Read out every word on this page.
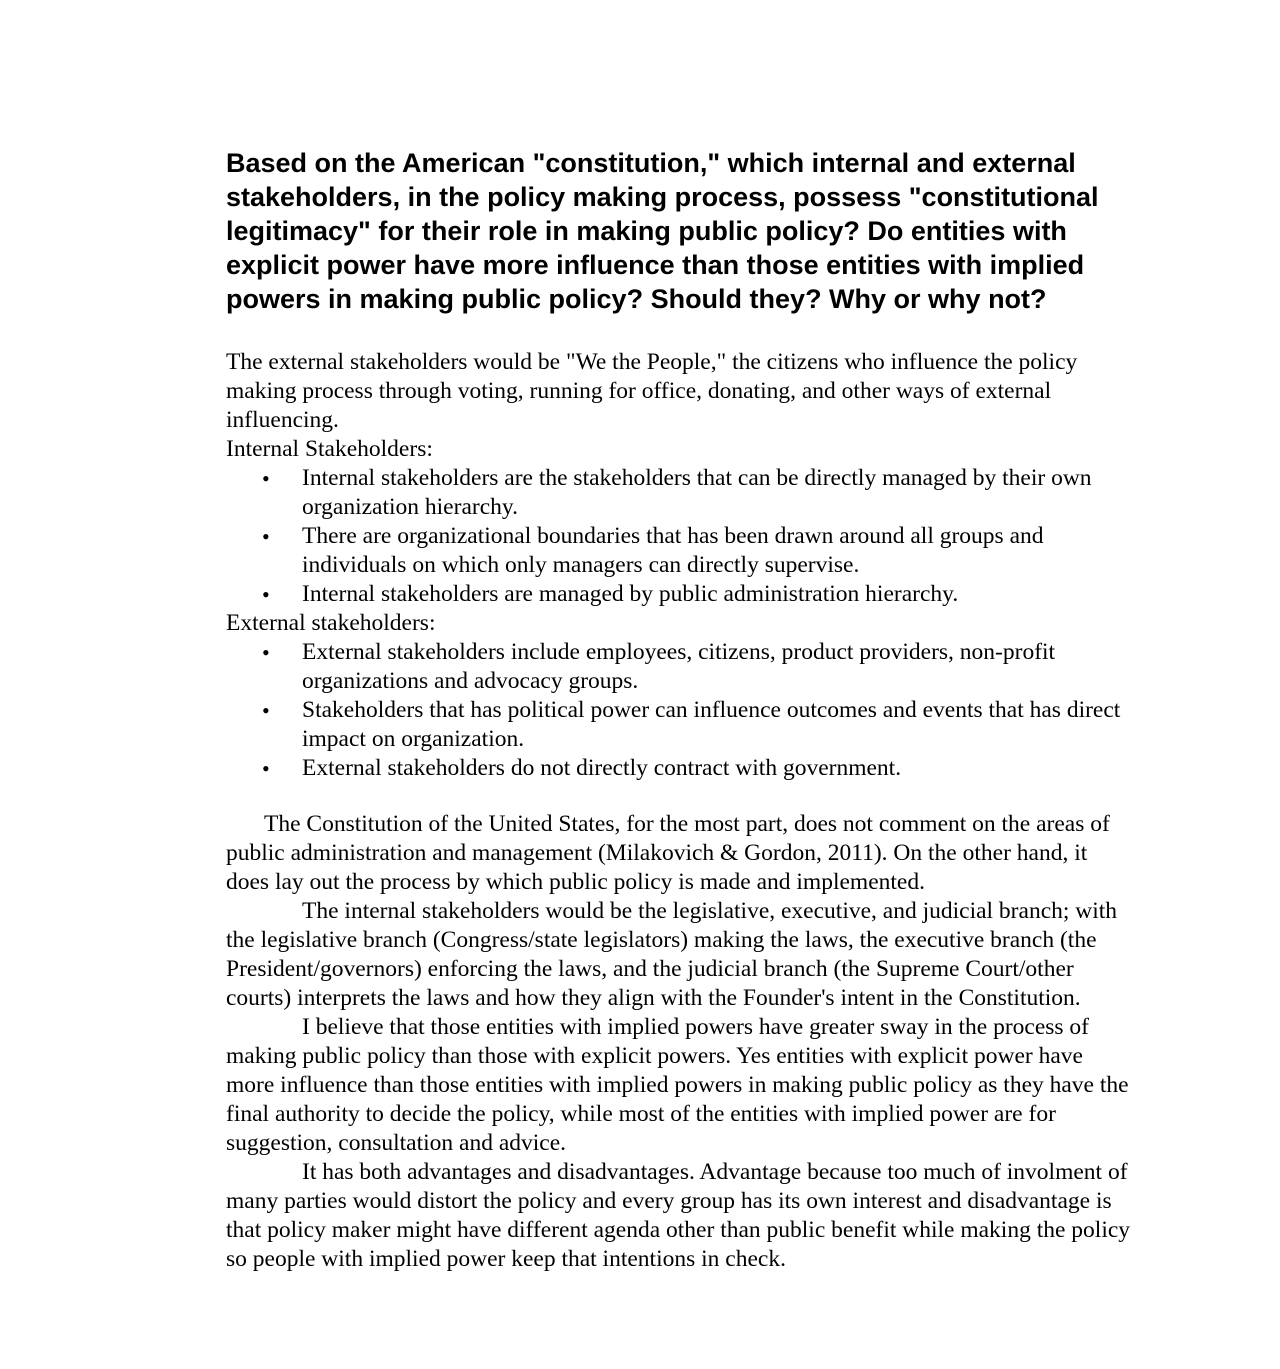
Based on the American "constitution," which internal and external stakeholders, in the policy making process, possess "constitutional legitimacy" for their role in making public policy? Do entities with explicit power have more influence than those entities with implied powers in making public policy? Should they? Why or why not?

The external stakeholders would be "We the People," the citizens who influence the policy making process through voting, running for office, donating, and other ways of external influencing.

Internal Stakeholders:

• Internal stakeholders are the stakeholders that can be directly managed by their own organization hierarchy.
• There are organizational boundaries that has been drawn around all groups and individuals on which only managers can directly supervise.
• Internal stakeholders are managed by public administration hierarchy.

External stakeholders:

• External stakeholders include employees, citizens, product providers, non-profit organizations and advocacy groups.
• Stakeholders that has political power can influence outcomes and events that has direct impact on organization.
• External stakeholders do not directly contract with government.

The Constitution of the United States, for the most part, does not comment on the areas of public administration and management (Milakovich & Gordon, 2011). On the other hand, it does lay out the process by which public policy is made and implemented.

The internal stakeholders would be the legislative, executive, and judicial branch; with the legislative branch (Congress/state legislators) making the laws, the executive branch (the President/governors) enforcing the laws, and the judicial branch (the Supreme Court/other courts) interprets the laws and how they align with the Founder's intent in the Constitution.

I believe that those entities with implied powers have greater sway in the process of making public policy than those with explicit powers. Yes entities with explicit power have more influence than those entities with implied powers in making public policy as they have the final authority to decide the policy, while most of the entities with implied power are for suggestion, consultation and advice.

It has both advantages and disadvantages. Advantage because too much of involment of many parties would distort the policy and every group has its own interest and disadvantage is that policy maker might have different agenda other than public benefit while making the policy so people with implied power keep that intentions in check.
